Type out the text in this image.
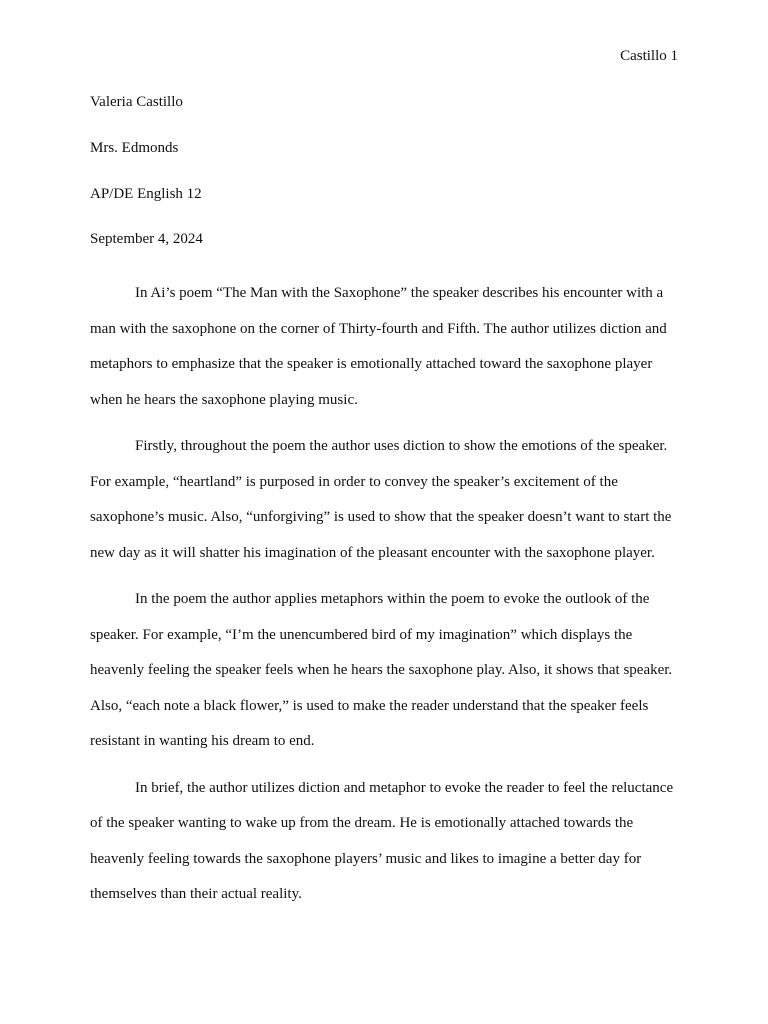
Castillo 1
Valeria Castillo
Mrs. Edmonds
AP/DE English 12
September 4, 2024

In Ai’s poem “The Man with the Saxophone” the speaker describes his encounter with a
man with the saxophone on the corner of Thirty-fourth and Fifth. The author utilizes diction and
metaphors to emphasize that the speaker is emotionally attached toward the saxophone player
when he hears the saxophone playing music.

Firstly, throughout the poem the author uses diction to show the emotions of the speaker.
For example, “heartland” is purposed in order to convey the speaker’s excitement of the
saxophone’s music. Also, “unforgiving” is used to show that the speaker doesn’t want to start the
new day as it will shatter his imagination of the pleasant encounter with the saxophone player.

In the poem the author applies metaphors within the poem to evoke the outlook of the
speaker. For example, “I’m the unencumbered bird of my imagination” which displays the
heavenly feeling the speaker feels when he hears the saxophone play. Also, it shows that speaker.
Also, “each note a black flower,” is used to make the reader understand that the speaker feels
resistant in wanting his dream to end.

In brief, the author utilizes diction and metaphor to evoke the reader to feel the reluctance
of the speaker wanting to wake up from the dream. He is emotionally attached towards the
heavenly feeling towards the saxophone players’ music and likes to imagine a better day for
themselves than their actual reality.
